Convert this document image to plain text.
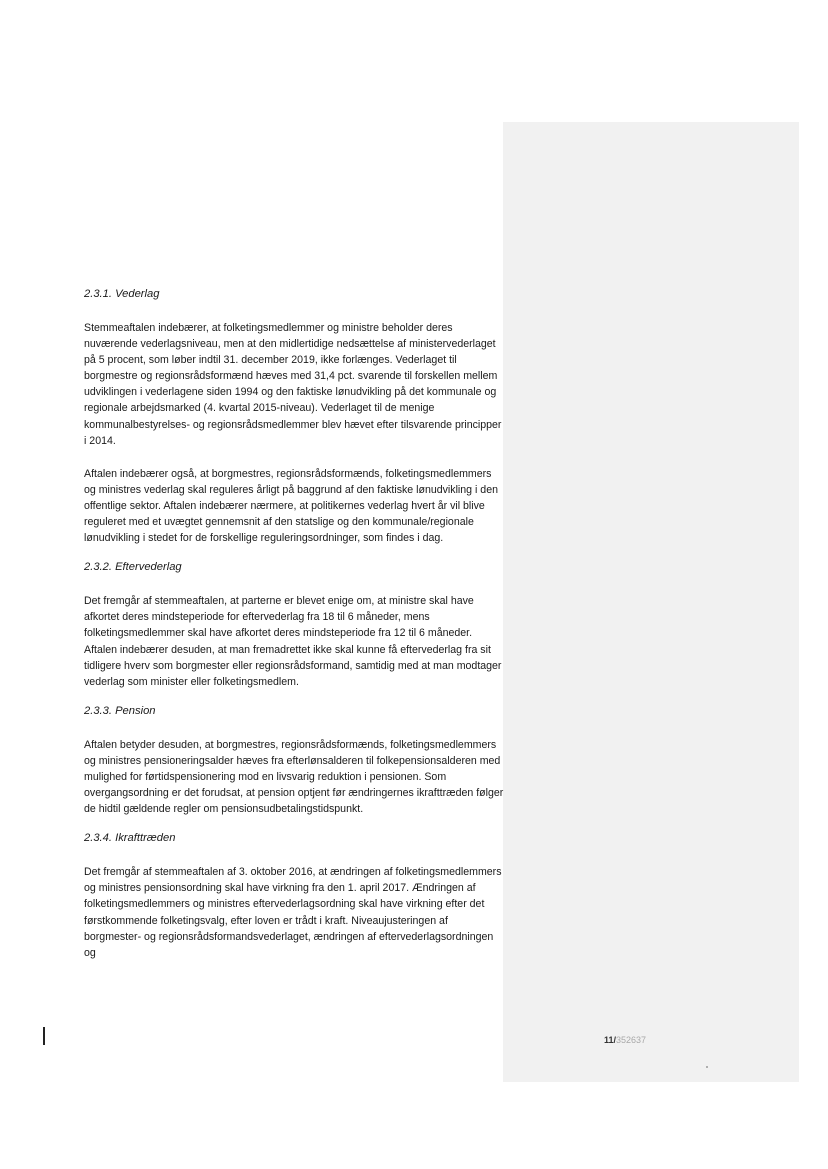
2.3.1. Vederlag

Stemmeaftalen indebærer, at folketingsmedlemmer og ministre beholder deres nuværende vederlagsniveau, men at den midlertidige nedsættelse af ministervederlaget på 5 procent, som løber indtil 31. december 2019, ikke forlænges. Vederlaget til borgmestre og regionsrådsformænd hæves med 31,4 pct. svarende til forskellen mellem udviklingen i vederlagene siden 1994 og den faktiske lønudvikling på det kommunale og regionale arbejdsmarked (4. kvartal 2015-niveau). Vederlaget til de menige kommunalbestyrelses- og regionsrådsmedlemmer blev hævet efter tilsvarende principper i 2014.

Aftalen indebærer også, at borgmestres, regionsrådsformænds, folketingsmedlemmers og ministres vederlag skal reguleres årligt på baggrund af den faktiske lønudvikling i den offentlige sektor. Aftalen indebærer nærmere, at politikernes vederlag hvert år vil blive reguleret med et uvægtet gennemsnit af den statslige og den kommunale/regionale lønudvikling i stedet for de forskellige reguleringsordninger, som findes i dag.

2.3.2. Eftervederlag

Det fremgår af stemmeaftalen, at parterne er blevet enige om, at ministre skal have afkortet deres mindsteperiode for eftervederlag fra 18 til 6 måneder, mens folketingsmedlemmer skal have afkortet deres mindsteperiode fra 12 til 6 måneder. Aftalen indebærer desuden, at man fremadrettet ikke skal kunne få eftervederlag fra sit tidligere hverv som borgmester eller regionsrådsformand, samtidig med at man modtager vederlag som minister eller folketingsmedlem.

2.3.3. Pension

Aftalen betyder desuden, at borgmestres, regionsrådsformænds, folketingsmedlemmers og ministres pensioneringsalder hæves fra efterlønsalderen til folkepensionsalderen med mulighed for førtidspensionering mod en livsvarig reduktion i pensionen. Som overgangsordning er det forudsat, at pension optjent før ændringernes ikrafttræden følger de hidtil gældende regler om pensionsudbetalingstidspunkt.

2.3.4. Ikrafttræden

Det fremgår af stemmeaftalen af 3. oktober 2016, at ændringen af folketingsmedlemmers og ministres pensionsordning skal have virkning fra den 1. april 2017. Ændringen af folketingsmedlemmers og ministres eftervederlagsordning skal have virkning efter det førstkommende folketingsvalg, efter loven er trådt i kraft. Niveaujusteringen af borgmester- og regionsrådsformandsvederlaget, ændringen af eftervederlagsordningen og

11/352637
